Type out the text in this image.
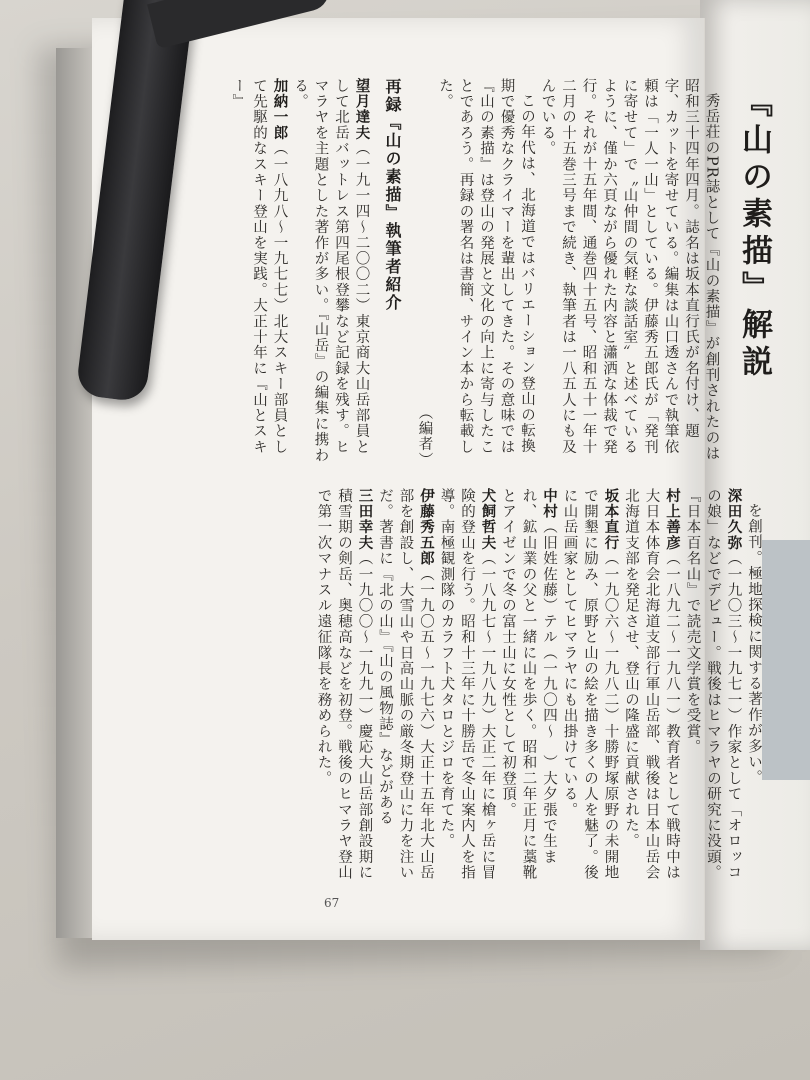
『山の素描』解説

秀岳荘のPR誌として『山の素描』が創刊されたのは昭和三十四年四月。誌名は坂本直行氏が名付け、題字、カットを寄せている。編集は山口透さんで執筆依頼は「一人一山」としている。伊藤秀五郎氏が「発刊に寄せて」で〝山仲間の気軽な談話室〟と述べているように、僅か六頁ながら優れた内容と瀟洒な体裁で発行。それが十五年間、通巻四十五号、昭和五十一年十二月の十五巻三号まで続き、執筆者は一八五人にも及んでいる。

この年代は、北海道ではバリエーション登山の転換期で優秀なクライマーを輩出してきた。その意味では『山の素描』は登山の発展と文化の向上に寄与したことであろう。再録の署名は書簡、サイン本から転載した。

（編者）
再録『山の素描』執筆者紹介

望月達夫（一九一四〜二〇〇二）東京商大山岳部員として北岳バットレス第四尾根登攀など記録を残す。ヒマラヤを主題とした著作が多い。『山岳』の編集に携わる。

加納一郎（一八九八〜一九七七）北大スキー部員として先駆的なスキー登山を実践。大正十年に『山とスキー』

を創刊。極地探検に関する著作が多い。

深田久弥（一九〇三〜一九七一）作家として「オロッコの娘」などでデビュー。戦後はヒマラヤの研究に没頭。『日本百名山』で読売文学賞を受賞。

村上善彦（一八九二〜一九八一）教育者として戦時中は大日本体育会北海道支部行軍山岳部、戦後は日本山岳会北海道支部を発足させ、登山の隆盛に貢献された。

坂本直行（一九〇六〜一九八二）十勝野塚原野の未開地で開墾に励み、原野と山の絵を描き多くの人を魅了。後に山岳画家としてヒマラヤにも出掛けている。

中村（旧姓佐藤）テル（一九〇四〜　）大夕張で生まれ、鉱山業の父と一緒に山を歩く。昭和二年正月に藁靴とアイゼンで冬の富士山に女性として初登頂。

犬飼哲夫（一八九七〜一九八九）大正二年に槍ヶ岳に冒険的登山を行う。昭和十三年に十勝岳で冬山案内人を指導。南極観測隊のカラフト犬タロとジロを育てた。

伊藤秀五郎（一九〇五〜一九七六）大正十五年北大山岳部を創設し、大雪山や日高山脈の厳冬期登山に力を注いだ。著書に『北の山』『山の風物誌』などがある

三田幸夫（一九〇〇〜一九九一）慶応大山岳部創設期に積雪期の剣岳、奥穂高などを初登。戦後のヒマラヤ登山で第一次マナスル遠征隊長を務められた。

67
